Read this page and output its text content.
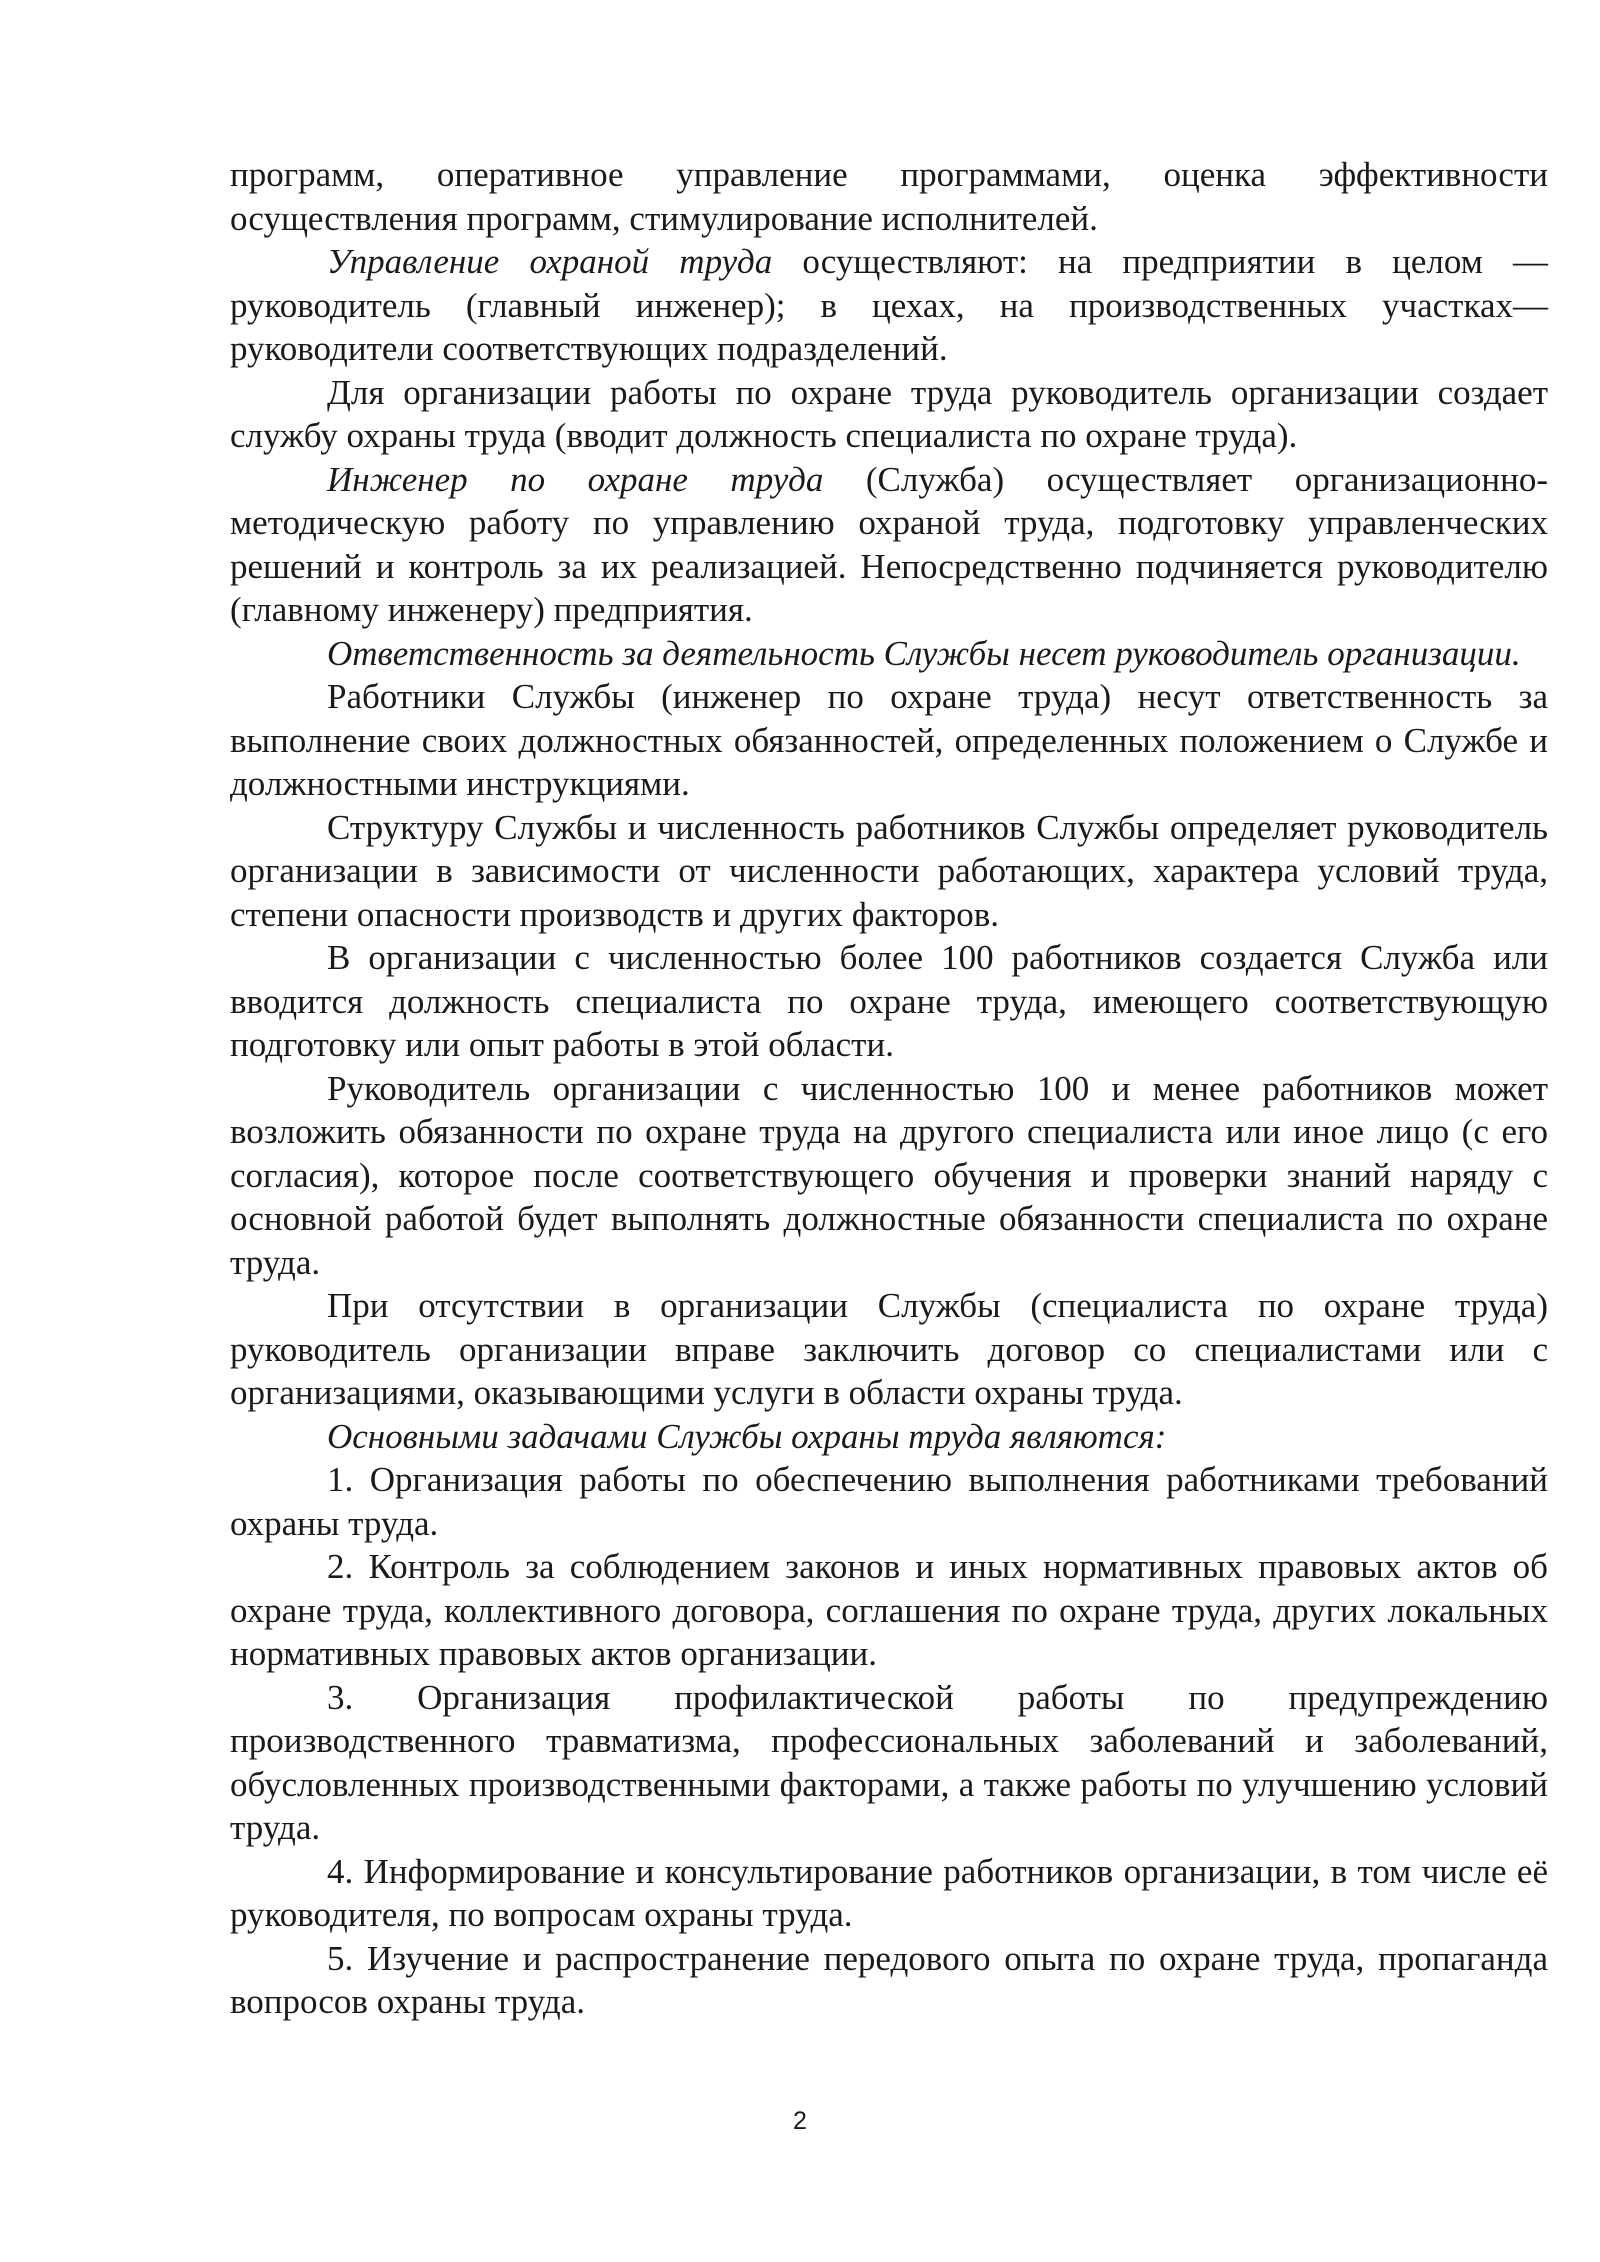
программ, оперативное управление программами, оценка эффективности осуществления программ, стимулирование исполнителей.

Управление охраной труда осуществляют: на предприятии в целом — руководитель (главный инженер); в цехах, на производственных участках— руководители соответствующих подразделений.

Для организации работы по охране труда руководитель организации создает службу охраны труда (вводит должность специалиста по охране труда).

Инженер по охране труда (Служба) осуществляет организационно-методическую работу по управлению охраной труда, подготовку управленческих решений и контроль за их реализацией. Непосредственно подчиняется руководителю (главному инженеру) предприятия.

Ответственность за деятельность Службы несет руководитель организации.

Работники Службы (инженер по охране труда) несут ответственность за выполнение своих должностных обязанностей, определенных положением о Службе и должностными инструкциями.

Структуру Службы и численность работников Службы определяет руководитель организации в зависимости от численности работающих, характера условий труда, степени опасности производств и других факторов.

В организации с численностью более 100 работников создается Служба или вводится должность специалиста по охране труда, имеющего соответствующую подготовку или опыт работы в этой области.

Руководитель организации с численностью 100 и менее работников может возложить обязанности по охране труда на другого специалиста или иное лицо (с его согласия), которое после соответствующего обучения и проверки знаний наряду с основной работой будет выполнять должностные обязанности специалиста по охране труда.

При отсутствии в организации Службы (специалиста по охране труда) руководитель организации вправе заключить договор со специалистами или с организациями, оказывающими услуги в области охраны труда.

Основными задачами Службы охраны труда являются:

1. Организация работы по обеспечению выполнения работниками требований охраны труда.

2. Контроль за соблюдением законов и иных нормативных правовых актов об охране труда, коллективного договора, соглашения по охране труда, других локальных нормативных правовых актов организации.

3. Организация профилактической работы по предупреждению производственного травматизма, профессиональных заболеваний и заболеваний, обусловленных производственными факторами, а также работы по улучшению условий труда.

4. Информирование и консультирование работников организации, в том числе её руководителя, по вопросам охраны труда.

5. Изучение и распространение передового опыта по охране труда, пропаганда вопросов охраны труда.

2
